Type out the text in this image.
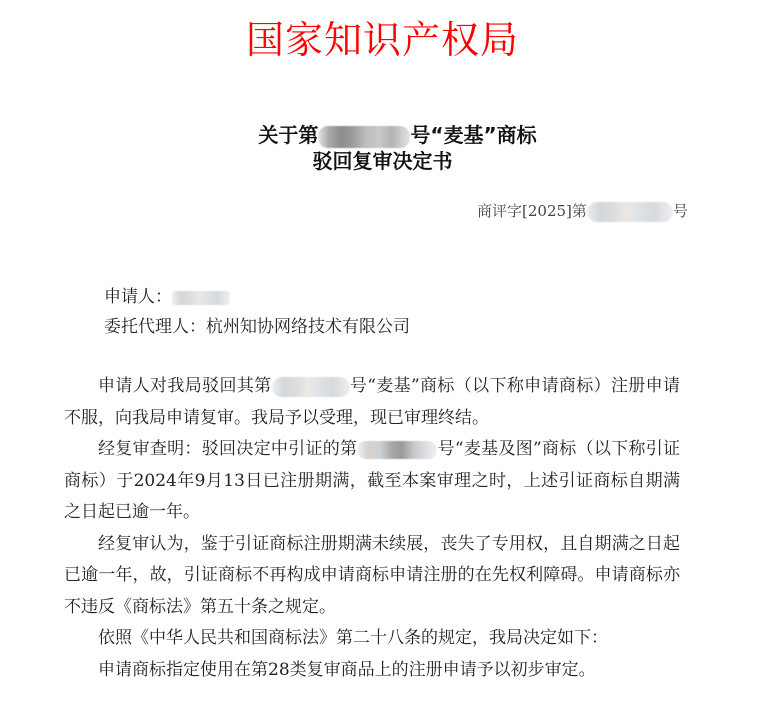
国家知识产权局
关于第	号“麦基”商标
驳回复审决定书
商评字[2025]第	号
申请人：
委托代理人：杭州知协网络技术有限公司

申请人对我局驳回其第	号“麦基”商标（以下称申请商标）注册申请不服，向我局申请复审。我局予以受理，现已审理终结。

经复审查明：驳回决定中引证的第	号“麦基及图”商标（以下称引证商标）于2024年9月13日已注册期满，截至本案审理之时，上述引证商标自期满之日起已逾一年。

经复审认为，鉴于引证商标注册期满未续展，丧失了专用权，且自期满之日起已逾一年，故，引证商标不再构成申请商标申请注册的在先权利障碍。申请商标亦不违反《商标法》第五十条之规定。

依照《中华人民共和国商标法》第二十八条的规定，我局决定如下：

申请商标指定使用在第28类复审商品上的注册申请予以初步审定。
